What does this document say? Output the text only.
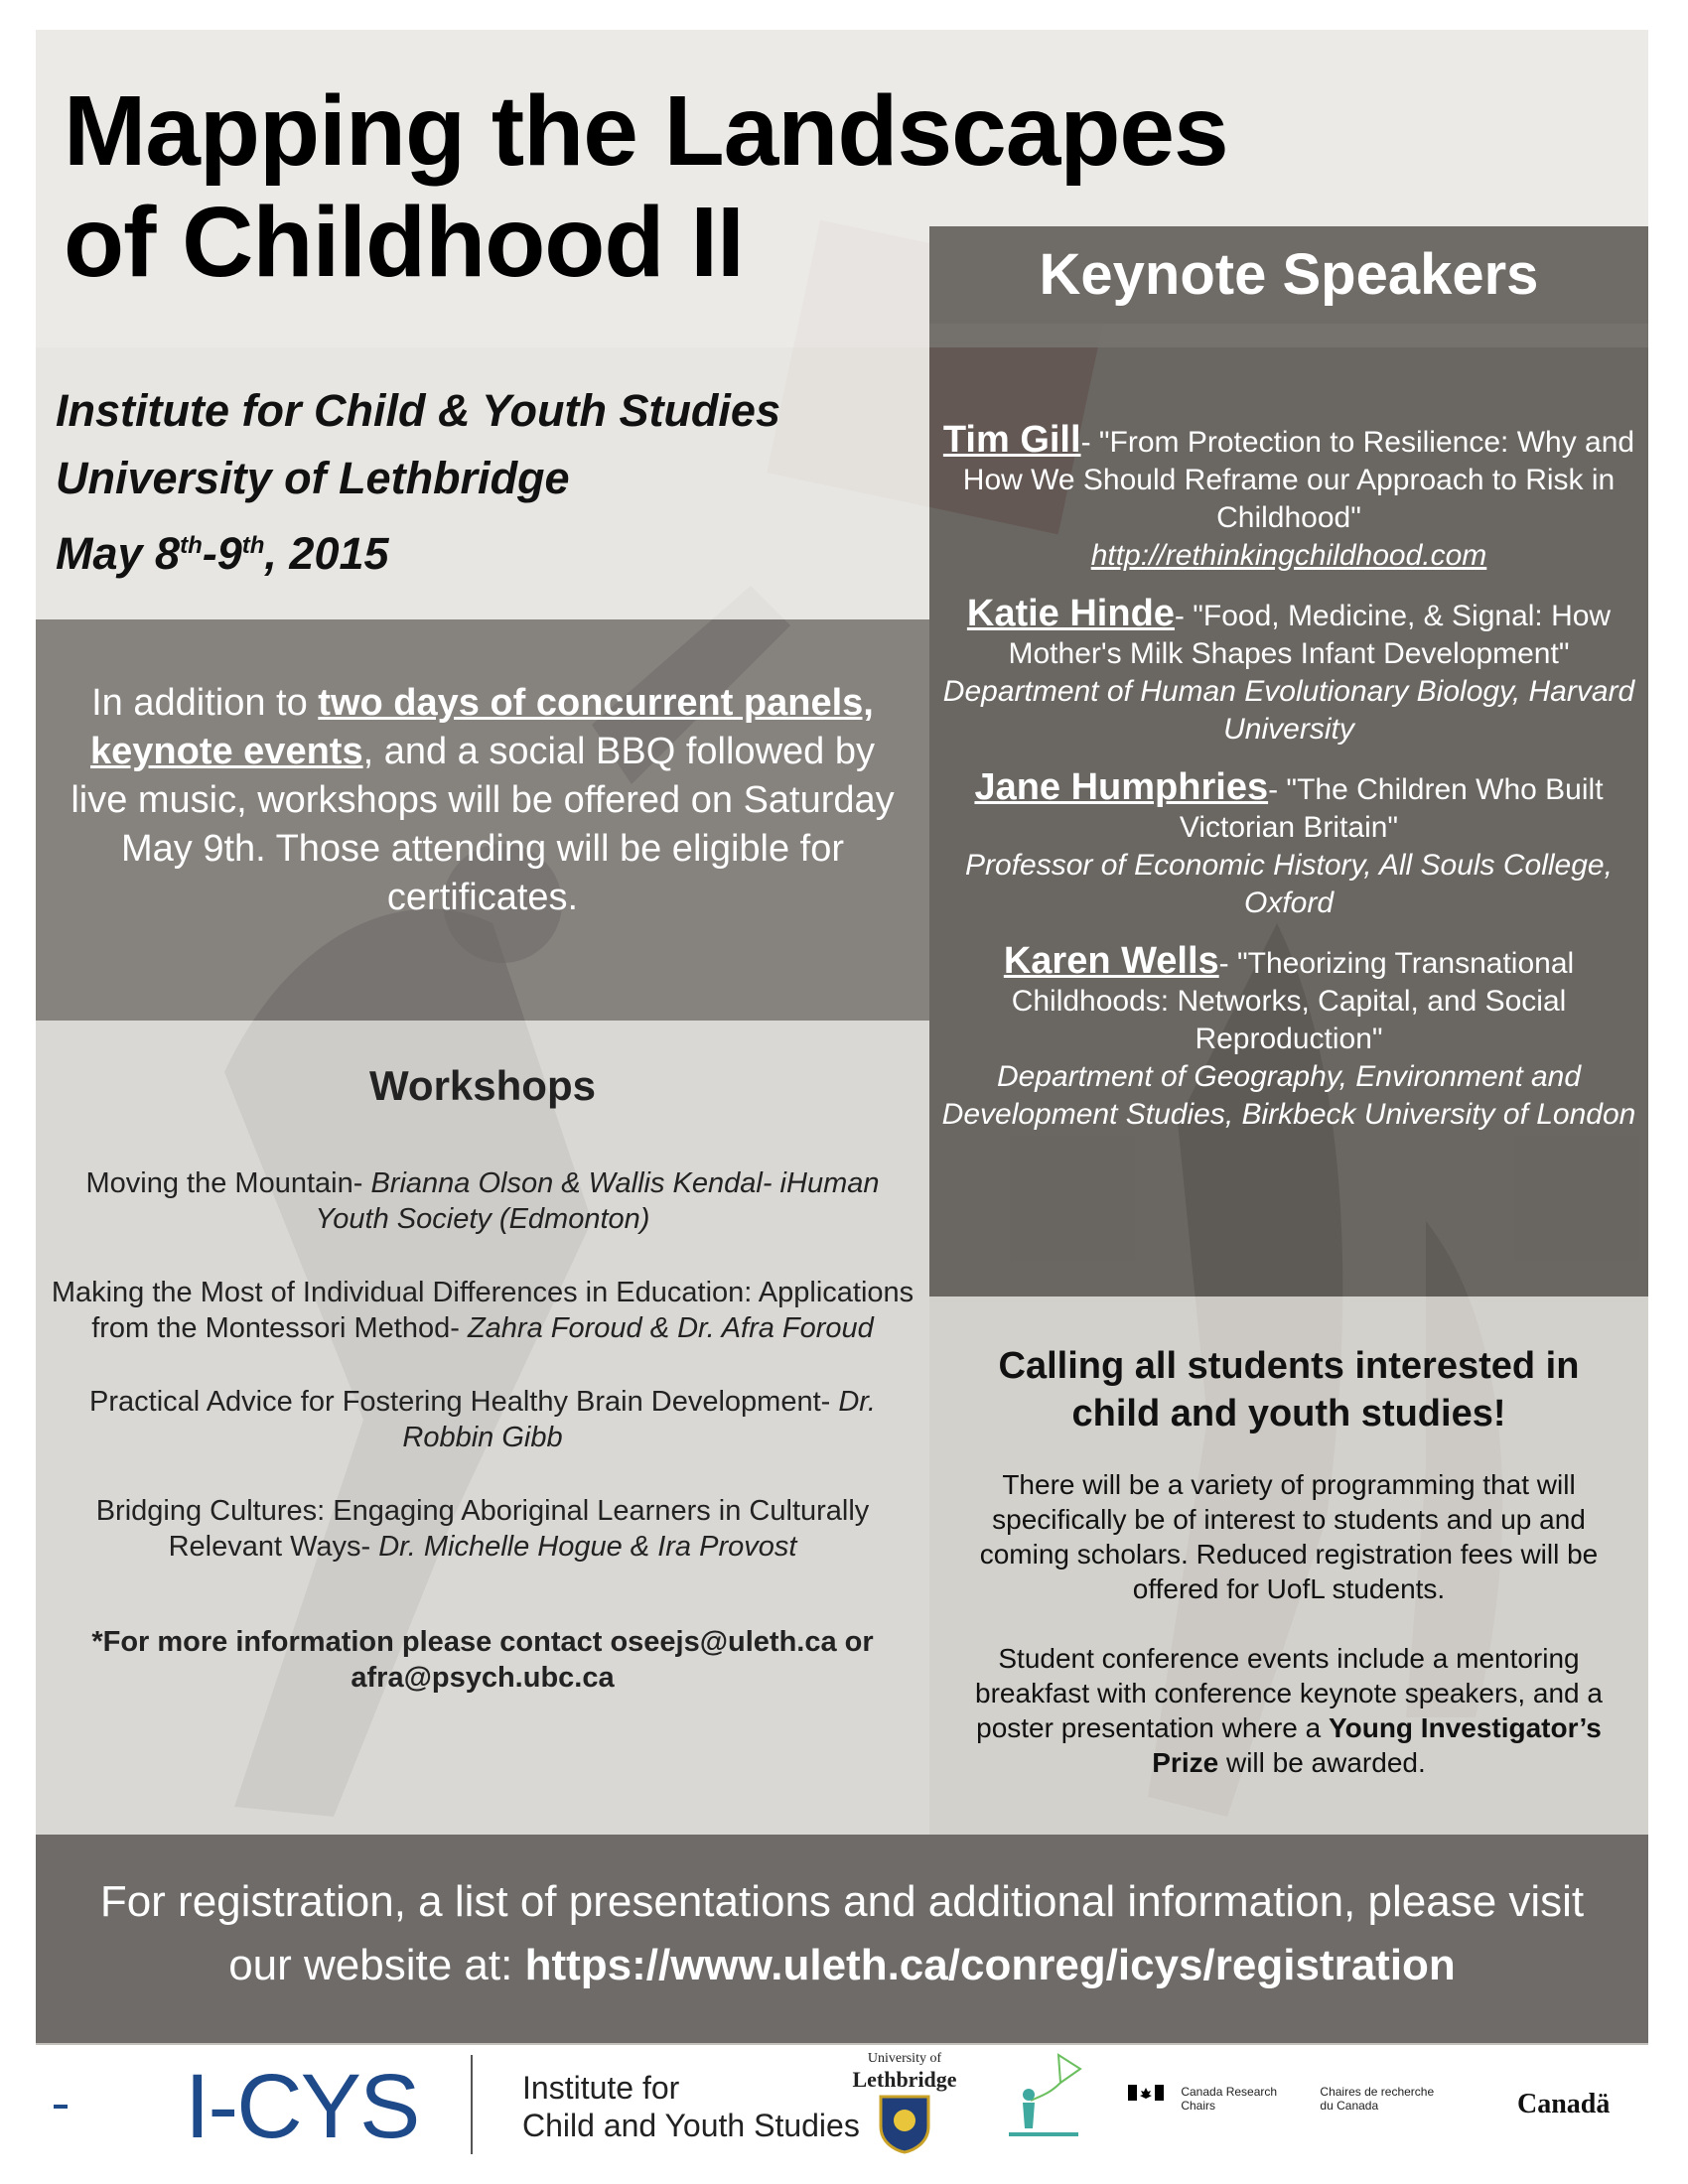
Mapping the Landscapes
of Childhood II
Institute for Child & Youth Studies
University of Lethbridge
May 8th-9th, 2015
In addition to two days of concurrent panels, keynote events, and a social BBQ followed by live music, workshops will be offered on Saturday May 9th. Those attending will be eligible for certificates.
Workshops
Moving the Mountain- Brianna Olson & Wallis Kendal- iHuman Youth Society (Edmonton)
Making the Most of Individual Differences in Education: Applications from the Montessori Method- Zahra Foroud & Dr. Afra Foroud
Practical Advice for Fostering Healthy Brain Development- Dr. Robbin Gibb
Bridging Cultures: Engaging Aboriginal Learners in Culturally Relevant Ways- Dr. Michelle Hogue & Ira Provost
*For more information please contact oseejs@uleth.ca or afra@psych.ubc.ca
Keynote Speakers
Tim Gill- "From Protection to Resilience: Why and How We Should Reframe our Approach to Risk in Childhood"
http://rethinkingchildhood.com
Katie Hinde- "Food, Medicine, & Signal: How Mother's Milk Shapes Infant Development"
Department of Human Evolutionary Biology, Harvard University
Jane Humphries- "The Children Who Built Victorian Britain"
Professor of Economic History, All Souls College, Oxford
Karen Wells- "Theorizing Transnational Childhoods: Networks, Capital, and Social Reproduction"
Department of Geography, Environment and Development Studies, Birkbeck University of London
Calling all students interested in child and youth studies!

There will be a variety of programming that will specifically be of interest to students and up and coming scholars. Reduced registration fees will be offered for UofL students.

Student conference events include a mentoring breakfast with conference keynote speakers, and a poster presentation where a Young Investigator’s Prize will be awarded.

For registration, a list of presentations and additional information, please visit our website at: https://www.uleth.ca/conreg/icys/registration
I-CYS	Institute for
Child and Youth Studies
University of
Lethbridge	Canada Research
Chairs Chaires de recherche
du Canada	Canadä
